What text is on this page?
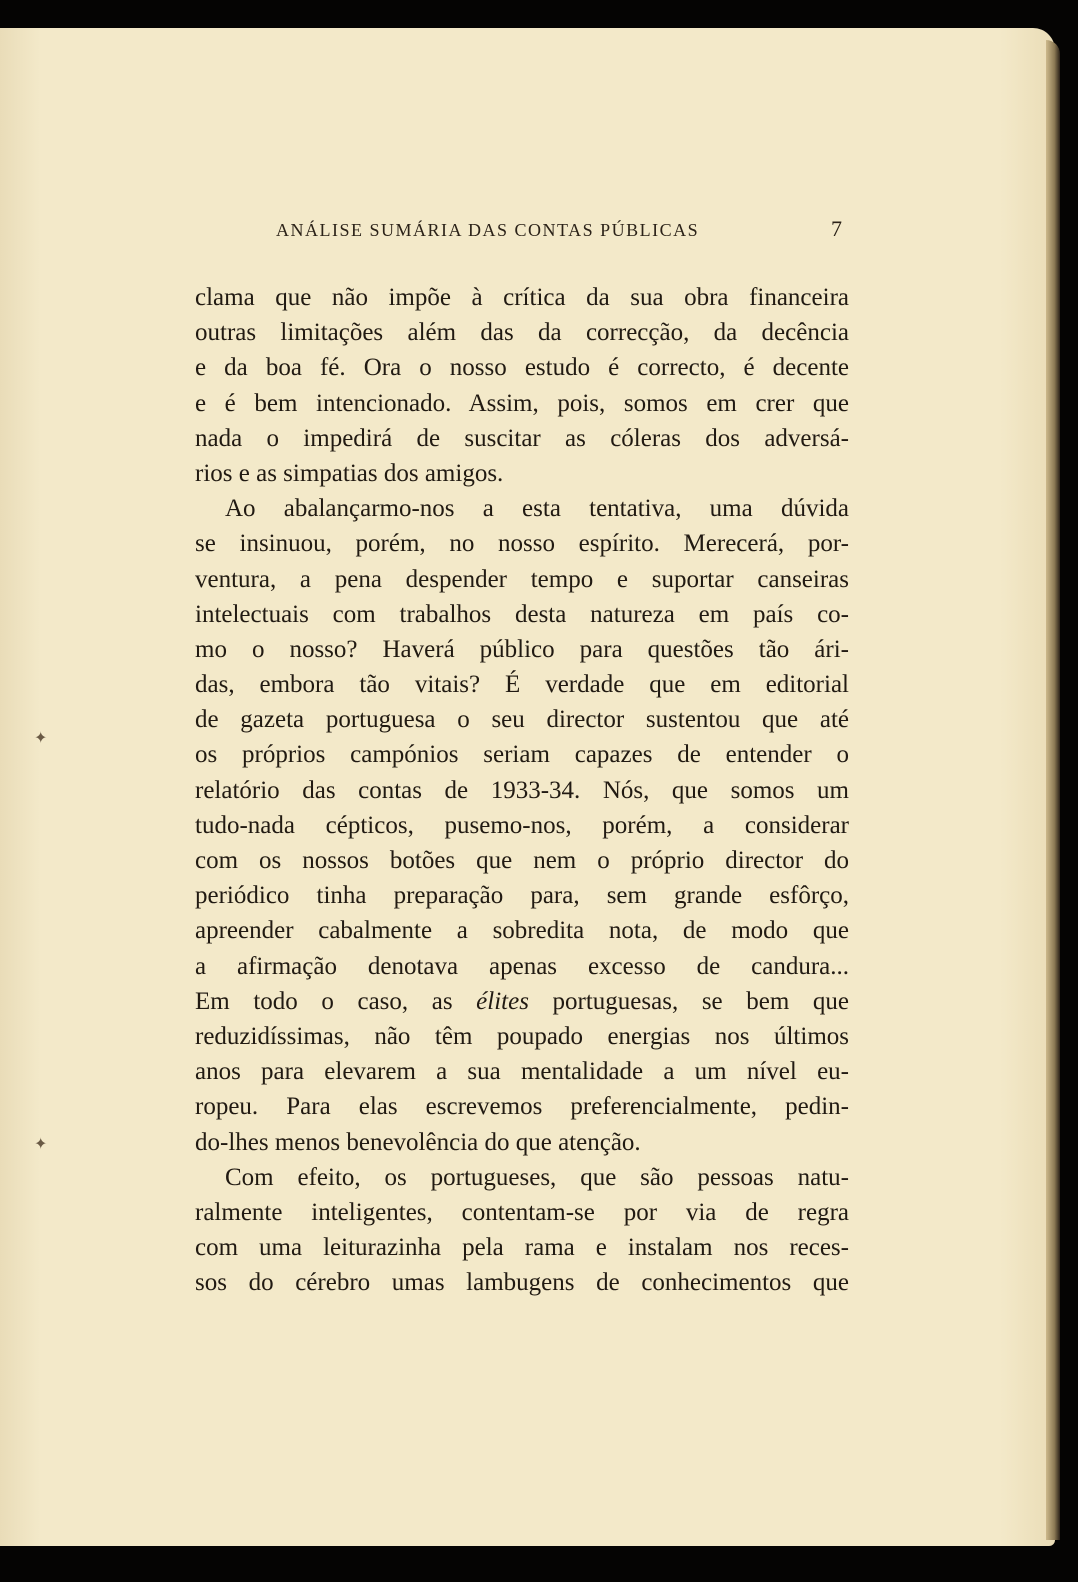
ANÁLISE SUMÁRIA DAS CONTAS PÚBLICAS	7
✦
✦
clama que não impõe à crítica da sua obra financeira
outras limitações além das da correcção, da decência
e da boa fé. Ora o nosso estudo é correcto, é decente
e é bem intencionado. Assim, pois, somos em crer que
nada o impedirá de suscitar as cóleras dos adversá-
rios e as simpatias dos amigos.
Ao abalançarmo-nos a esta tentativa, uma dúvida
se insinuou, porém, no nosso espírito. Merecerá, por-
ventura, a pena despender tempo e suportar canseiras
intelectuais com trabalhos desta natureza em país co-
mo o nosso? Haverá público para questões tão ári-
das, embora tão vitais? É verdade que em editorial
de gazeta portuguesa o seu director sustentou que até
os próprios campónios seriam capazes de entender o
relatório das contas de 1933-34. Nós, que somos um
tudo-nada cépticos, pusemo-nos, porém, a considerar
com os nossos botões que nem o próprio director do
periódico tinha preparação para, sem grande esfôrço,
apreender cabalmente a sobredita nota, de modo que
a afirmação denotava apenas excesso de candura...
Em todo o caso, as élites portuguesas, se bem que
reduzidíssimas, não têm poupado energias nos últimos
anos para elevarem a sua mentalidade a um nível eu-
ropeu. Para elas escrevemos preferencialmente, pedin-
do-lhes menos benevolência do que atenção.
Com efeito, os portugueses, que são pessoas natu-
ralmente inteligentes, contentam-se por via de regra
com uma leiturazinha pela rama e instalam nos reces-
sos do cérebro umas lambugens de conhecimentos que
